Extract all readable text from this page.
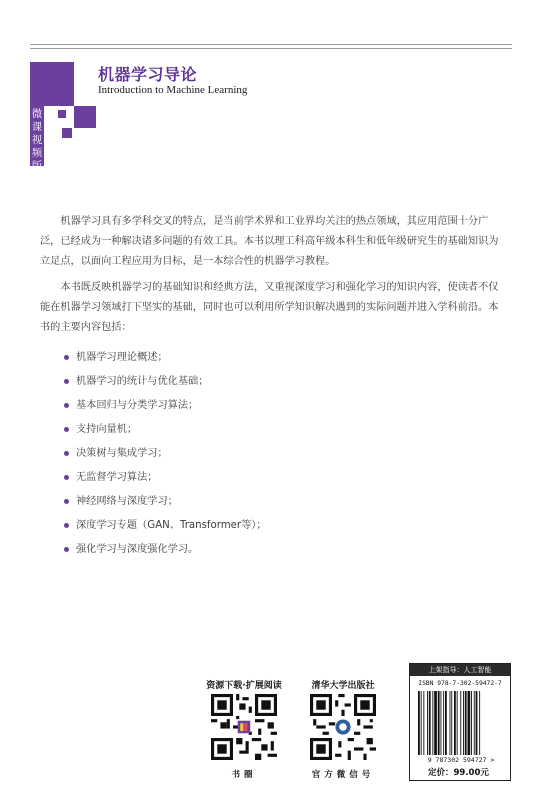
微课视频版
机器学习导论
Introduction to Machine Learning

机器学习具有多学科交叉的特点，是当前学术界和工业界均关注的热点领域，其应用范围十分广泛，已经成为一种解决诸多问题的有效工具。本书以理工科高年级本科生和低年级研究生的基础知识为立足点，以面向工程应用为目标，是一本综合性的机器学习教程。

本书既反映机器学习的基础知识和经典方法，又重视深度学习和强化学习的知识内容，使读者不仅能在机器学习领域打下坚实的基础，同时也可以利用所学知识解决遇到的实际问题并进入学科前沿。本书的主要内容包括：

机器学习理论概述；
机器学习的统计与优化基础；
基本回归与分类学习算法；
支持向量机；
决策树与集成学习；
无监督学习算法；
神经网络与深度学习；
深度学习专题（GAN、Transformer等）；
强化学习与深度强化学习。
资源下载·扩展阅读
书圈
清华大学出版社
官方微信号
上架指导：人工智能
ISBN 978-7-302-59472-7
9 787302 594727 >
定价：99.00元
